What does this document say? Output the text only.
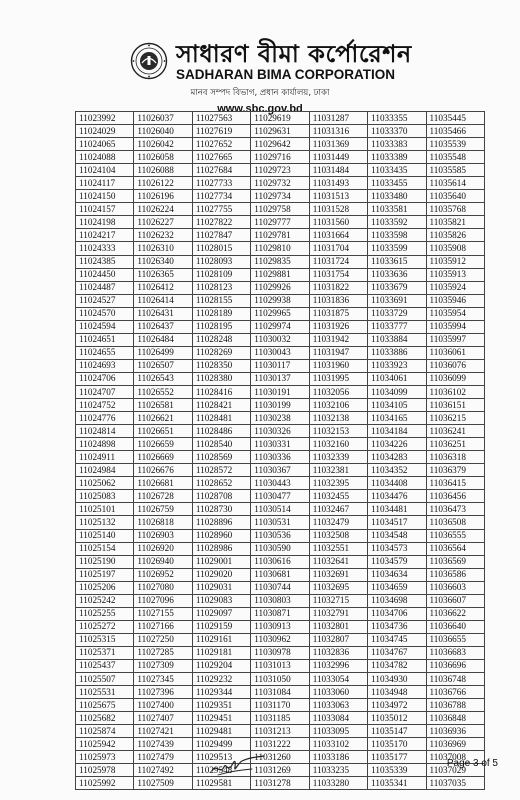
সাধারণ বীমা কর্পোরেশন
SADHARAN BIMA CORPORATION
মানব সম্পদ বিভাগ, প্রধান কার্যালয়, ঢাকা
www.sbc.gov.bd
11023992	11026037	11027563	11029619	11031287	11033355	11035445
11024029	11026040	11027619	11029631	11031316	11033370	11035466
11024065	11026042	11027652	11029642	11031369	11033383	11035539
11024088	11026058	11027665	11029716	11031449	11033389	11035548
11024104	11026088	11027684	11029723	11031484	11033435	11035585
11024117	11026122	11027733	11029732	11031493	11033455	11035614
11024150	11026196	11027734	11029734	11031513	11033480	11035640
11024157	11026224	11027755	11029758	11031528	11033581	11035768
11024198	11026227	11027822	11029777	11031560	11033592	11035821
11024217	11026232	11027847	11029781	11031664	11033598	11035826
11024333	11026310	11028015	11029810	11031704	11033599	11035908
11024385	11026340	11028093	11029835	11031724	11033615	11035912
11024450	11026365	11028109	11029881	11031754	11033636	11035913
11024487	11026412	11028123	11029926	11031822	11033679	11035924
11024527	11026414	11028155	11029938	11031836	11033691	11035946
11024570	11026431	11028189	11029965	11031875	11033729	11035954
11024594	11026437	11028195	11029974	11031926	11033777	11035994
11024651	11026484	11028248	11030032	11031942	11033884	11035997
11024655	11026499	11028269	11030043	11031947	11033886	11036061
11024693	11026507	11028350	11030117	11031960	11033923	11036076
11024706	11026543	11028380	11030137	11031995	11034061	11036099
11024707	11026552	11028416	11030191	11032056	11034099	11036102
11024752	11026581	11028421	11030199	11032106	11034105	11036151
11024776	11026621	11028481	11030238	11032138	11034165	11036215
11024814	11026651	11028486	11030326	11032153	11034184	11036241
11024898	11026659	11028540	11030331	11032160	11034226	11036251
11024911	11026669	11028569	11030336	11032339	11034283	11036318
11024984	11026676	11028572	11030367	11032381	11034352	11036379
11025062	11026681	11028652	11030443	11032395	11034408	11036415
11025083	11026728	11028708	11030477	11032455	11034476	11036456
11025101	11026759	11028730	11030514	11032467	11034481	11036473
11025132	11026818	11028896	11030531	11032479	11034517	11036508
11025140	11026903	11028960	11030536	11032508	11034548	11036555
11025154	11026920	11028986	11030590	11032551	11034573	11036564
11025190	11026940	11029001	11030616	11032641	11034579	11036569
11025197	11026952	11029020	11030681	11032691	11034634	11036586
11025206	11027080	11029031	11030744	11032695	11034659	11036603
11025242	11027096	11029083	11030803	11032715	11034698	11036607
11025255	11027155	11029097	11030871	11032791	11034706	11036622
11025272	11027166	11029159	11030913	11032801	11034736	11036640
11025315	11027250	11029161	11030962	11032807	11034745	11036655
11025371	11027285	11029181	11030978	11032836	11034767	11036683
11025437	11027309	11029204	11031013	11032996	11034782	11036696
11025507	11027345	11029232	11031050	11033054	11034930	11036748
11025531	11027396	11029344	11031084	11033060	11034948	11036766
11025675	11027400	11029351	11031170	11033063	11034972	11036788
11025682	11027407	11029451	11031185	11033084	11035012	11036848
11025874	11027421	11029481	11031213	11033095	11035147	11036936
11025942	11027439	11029499	11031222	11033102	11035170	11036969
11025973	11027479	11029513	11031260	11033186	11035177	11037008
11025978	11027492	11029548	11031269	11033235	11035339	11037029
11025992	11027509	11029581	11031278	11033280	11035341	11037035
Page 3 of 5
